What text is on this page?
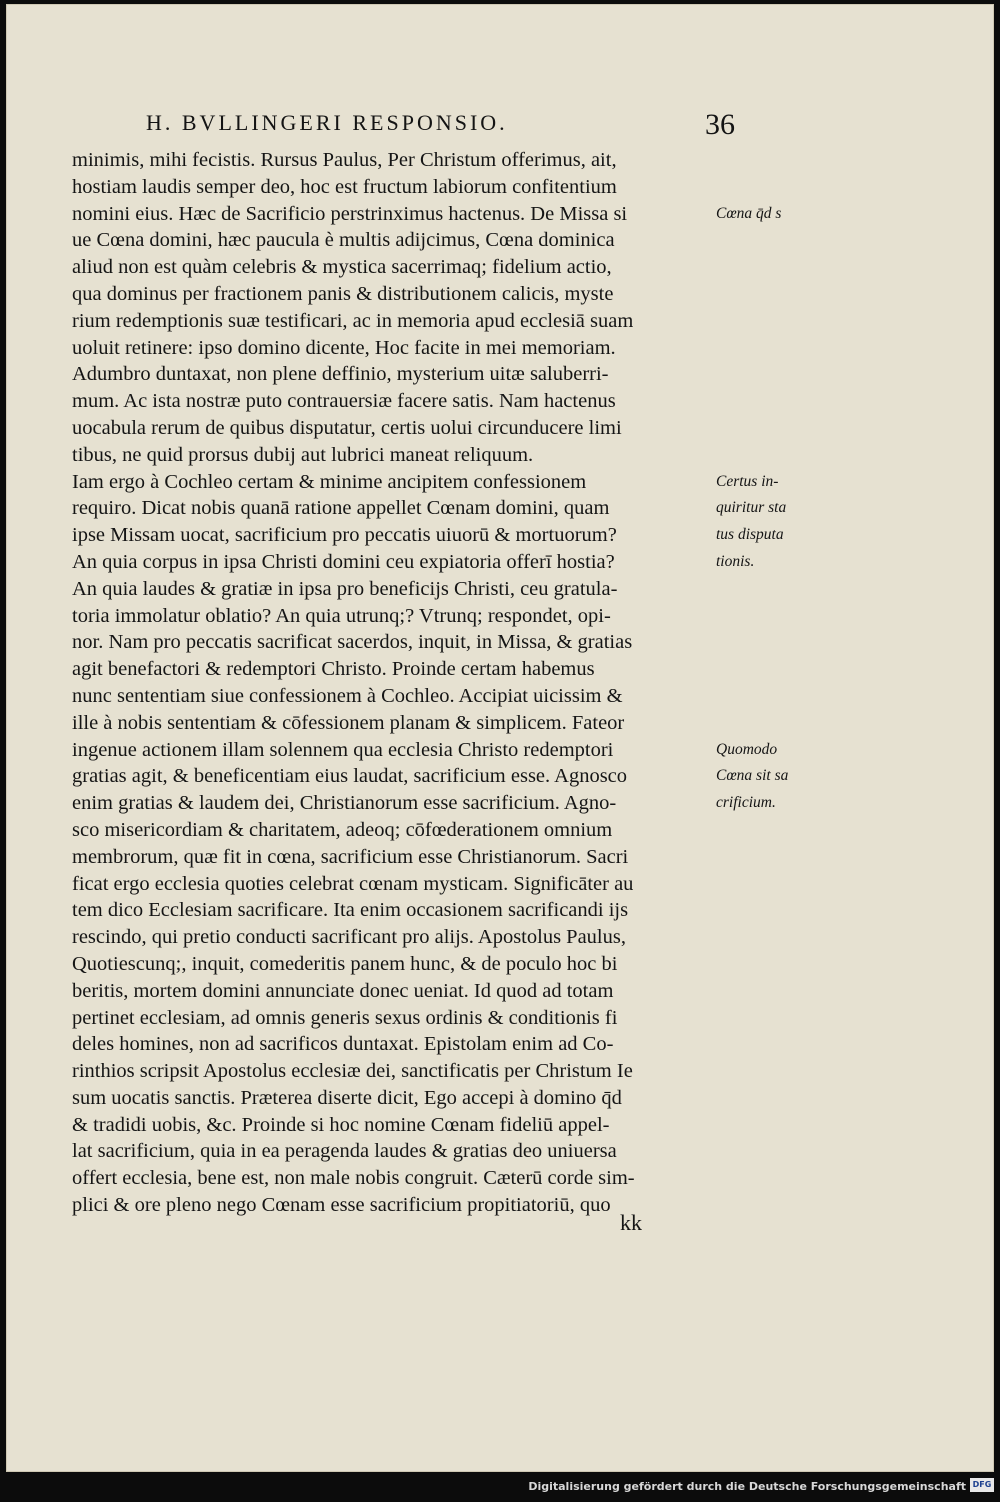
H. BVLLINGERI RESPONSIO.	36
minimis, mihi fecistis. Rursus Paulus, Per Christum offerimus, ait,
hostiam laudis semper deo, hoc est fructum labiorum confitentium
nomini eius. Hæc de Sacrificio perstrinximus hactenus. De Missa si
ue Cœna domini, hæc paucula è multis adijcimus, Cœna dominica
aliud non est quàm celebris & mystica sacerrimaq; fidelium actio,
qua dominus per fractionem panis & distributionem calicis, myste
rium redemptionis suæ testificari, ac in memoria apud ecclesiā suam
uoluit retinere: ipso domino dicente, Hoc facite in mei memoriam.
Adumbro duntaxat, non plene deffinio, mysterium uitæ saluberri-
mum. Ac ista nostræ puto contrauersiæ facere satis. Nam hactenus
uocabula rerum de quibus disputatur, certis uolui circunducere limi
tibus, ne quid prorsus dubij aut lubrici maneat reliquum.
Iam ergo à Cochleo certam & minime ancipitem confessionem
requiro. Dicat nobis quanā ratione appellet Cœnam domini, quam
ipse Missam uocat, sacrificium pro peccatis uiuorū & mortuorum?
An quia corpus in ipsa Christi domini ceu expiatoria offerī hostia?
An quia laudes & gratiæ in ipsa pro beneficijs Christi, ceu gratula-
toria immolatur oblatio? An quia utrunq;? Vtrunq; respondet, opi-
nor. Nam pro peccatis sacrificat sacerdos, inquit, in Missa, & gratias
agit benefactori & redemptori Christo. Proinde certam habemus
nunc sententiam siue confessionem à Cochleo. Accipiat uicissim &
ille à nobis sententiam & cōfessionem planam & simplicem. Fateor
ingenue actionem illam solennem qua ecclesia Christo redemptori
gratias agit, & beneficentiam eius laudat, sacrificium esse. Agnosco
enim gratias & laudem dei, Christianorum esse sacrificium. Agno-
sco misericordiam & charitatem, adeoq; cōfœderationem omnium
membrorum, quæ fit in cœna, sacrificium esse Christianorum. Sacri
ficat ergo ecclesia quoties celebrat cœnam mysticam. Significāter au
tem dico Ecclesiam sacrificare. Ita enim occasionem sacrificandi ijs
rescindo, qui pretio conducti sacrificant pro alijs. Apostolus Paulus,
Quotiescunq;, inquit, comederitis panem hunc, & de poculo hoc bi
beritis, mortem domini annunciate donec ueniat. Id quod ad totam
pertinet ecclesiam, ad omnis generis sexus ordinis & conditionis fi
deles homines, non ad sacrificos duntaxat. Epistolam enim ad Co-
rinthios scripsit Apostolus ecclesiæ dei, sanctificatis per Christum Ie
sum uocatis sanctis. Præterea diserte dicit, Ego accepi à domino q̄d
& tradidi uobis, &c. Proinde si hoc nomine Cœnam fideliū appel-
lat sacrificium, quia in ea peragenda laudes & gratias deo uniuersa
offert ecclesia, bene est, non male nobis congruit. Cæterū corde sim-
plici & ore pleno nego Cœnam esse sacrificium propitiatoriū, quo
Cœna q̄d s
Certus in-
quiritur sta
tus disputa
tionis.
Quomodo
Cœna sit sa
crificium.
kk
Digitalisierung gefördert durch die Deutsche Forschungsgemeinschaft DFG
